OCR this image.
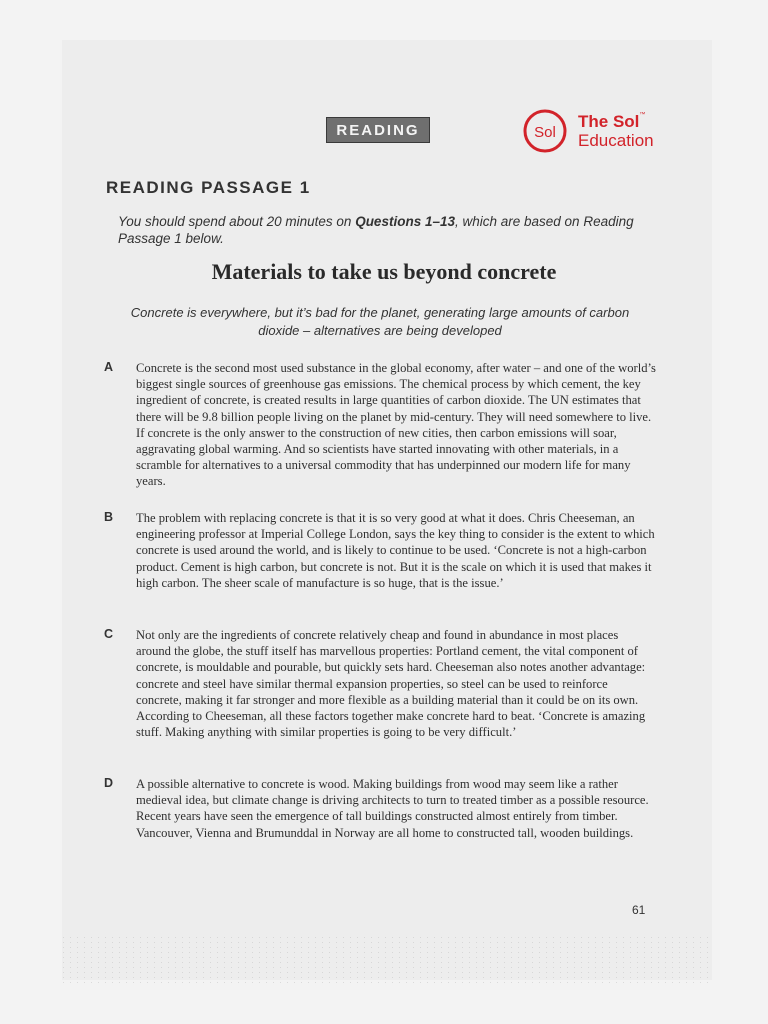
READING	Sol
The Sol™
Education
READING PASSAGE 1
You should spend about 20 minutes on Questions 1–13, which are based on Reading Passage 1 below.
Materials to take us beyond concrete
Concrete is everywhere, but it’s bad for the planet, generating large amounts of carbon dioxide – alternatives are being developed
A Concrete is the second most used substance in the global economy, after water – and one of the world’s biggest single sources of greenhouse gas emissions. The chemical process by which cement, the key ingredient of concrete, is created results in large quantities of carbon dioxide. The UN estimates that there will be 9.8 billion people living on the planet by mid-century. They will need somewhere to live. If concrete is the only answer to the construction of new cities, then carbon emissions will soar, aggravating global warming. And so scientists have started innovating with other materials, in a scramble for alternatives to a universal commodity that has underpinned our modern life for many years.
B The problem with replacing concrete is that it is so very good at what it does. Chris Cheeseman, an engineering professor at Imperial College London, says the key thing to consider is the extent to which concrete is used around the world, and is likely to continue to be used. ‘Concrete is not a high-carbon product. Cement is high carbon, but concrete is not. But it is the scale on which it is used that makes it high carbon. The sheer scale of manufacture is so huge, that is the issue.’
C Not only are the ingredients of concrete relatively cheap and found in abundance in most places around the globe, the stuff itself has marvellous properties: Portland cement, the vital component of concrete, is mouldable and pourable, but quickly sets hard. Cheeseman also notes another advantage: concrete and steel have similar thermal expansion properties, so steel can be used to reinforce concrete, making it far stronger and more flexible as a building material than it could be on its own. According to Cheeseman, all these factors together make concrete hard to beat. ‘Concrete is amazing stuff. Making anything with similar properties is going to be very difficult.’
D A possible alternative to concrete is wood. Making buildings from wood may seem like a rather medieval idea, but climate change is driving architects to turn to treated timber as a possible resource. Recent years have seen the emergence of tall buildings constructed almost entirely from timber. Vancouver, Vienna and Brumunddal in Norway are all home to constructed tall, wooden buildings.
61
